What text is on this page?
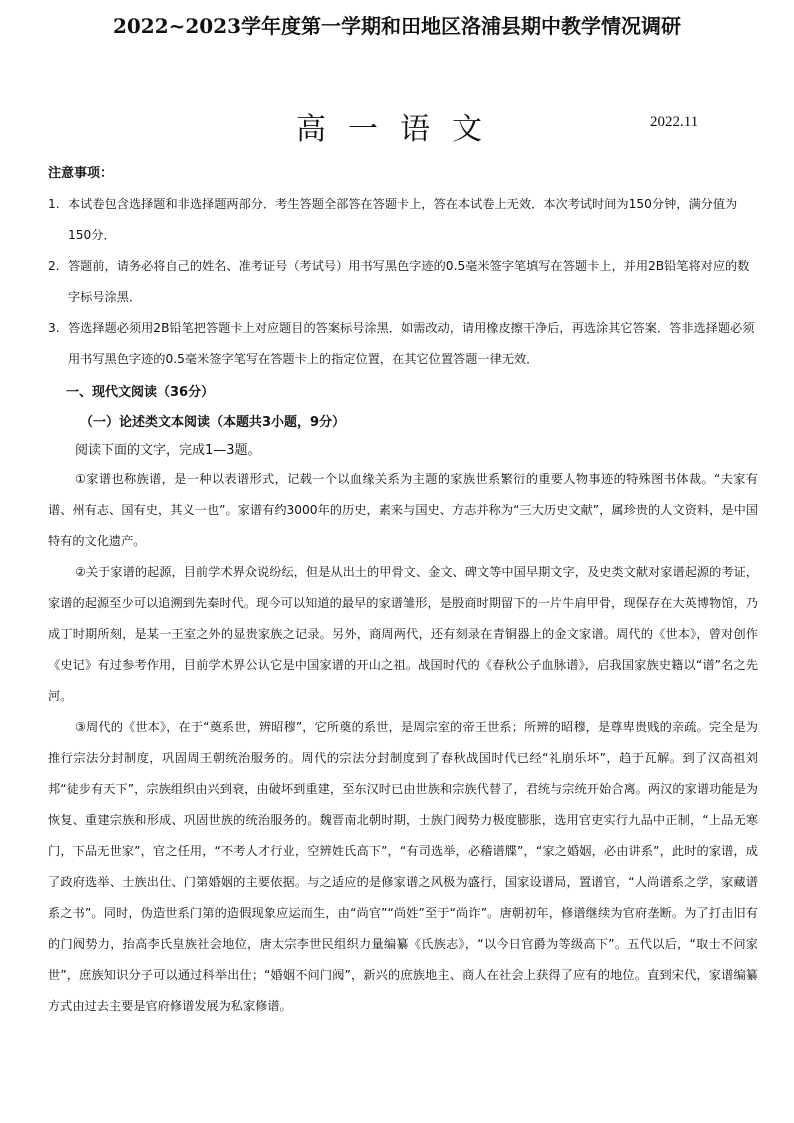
2022~2023学年度第一学期和田地区洛浦县期中教学情况调研
高一语文	2022.11
注意事项：
1. 本试卷包含选择题和非选择题两部分．考生答题全部答在答题卡上，答在本试卷上无效．本次考试时间为150分钟，满分值为150分．
2. 答题前，请务必将自己的姓名、准考证号（考试号）用书写黑色字迹的0.5毫米签字笔填写在答题卡上，并用2B铅笔将对应的数字标号涂黑．
3. 答选择题必须用2B铅笔把答题卡上对应题目的答案标号涂黑．如需改动，请用橡皮擦干净后，再选涂其它答案．答非选择题必须用书写黑色字迹的0.5毫米签字笔写在答题卡上的指定位置，在其它位置答题一律无效．
一、现代文阅读（36分）
（一）论述类文本阅读（本题共3小题，9分）
阅读下面的文字，完成1—3题。

①家谱也称族谱，是一种以表谱形式，记载一个以血缘关系为主题的家族世系繁衍的重要人物事迹的特殊图书体裁。“夫家有谱、州有志、国有史，其义一也”。家谱有约3000年的历史，素来与国史、方志并称为“三大历史文献”，属珍贵的人文资料，是中国特有的文化遗产。

②关于家谱的起源，目前学术界众说纷纭，但是从出土的甲骨文、金文、碑文等中国早期文字，及史类文献对家谱起源的考证，家谱的起源至少可以追溯到先秦时代。现今可以知道的最早的家谱雏形，是殷商时期留下的一片牛肩甲骨，现保存在大英博物馆，乃成丁时期所刻，是某一王室之外的显贵家族之记录。另外，商周两代，还有刻录在青铜器上的金文家谱。周代的《世本》，曾对创作《史记》有过参考作用，目前学术界公认它是中国家谱的开山之祖。战国时代的《春秋公子血脉谱》，启我国家族史籍以“谱”名之先河。

③周代的《世本》，在于“奠系世，辨昭穆”，它所奠的系世，是周宗室的帝王世系；所辨的昭穆，是尊卑贵贱的亲疏。完全是为推行宗法分封制度，巩固周王朝统治服务的。周代的宗法分封制度到了春秋战国时代已经“礼崩乐坏”，趋于瓦解。到了汉高祖刘邦“徒步有天下”，宗族组织由兴到衰，由破坏到重建，至东汉时已由世族和宗族代替了，君统与宗统开始合离。两汉的家谱功能是为恢复、重建宗族和形成、巩固世族的统治服务的。魏晋南北朝时期，士族门阀势力极度膨胀，选用官吏实行九品中正制，“上品无寒门，下品无世家”，官之任用，“不考人才行业，空辨姓氏高下”，“有司选举，必稽谱牒”，“家之婚姻，必由讲系”，此时的家谱，成了政府选举、士族出仕、门第婚姻的主要依据。与之适应的是修家谱之风极为盛行，国家设谱局，置谱官，“人尚谱系之学，家藏谱系之书”。同时，伪造世系门第的造假现象应运而生，由“尚官”“尚姓”至于“尚诈”。唐朝初年，修谱继续为官府垄断。为了打击旧有的门阀势力，抬高李氏皇族社会地位，唐太宗李世民组织力量编纂《氏族志》，“以今日官爵为等级高下”。五代以后，“取士不问家世”，庶族知识分子可以通过科举出仕；“婚姻不问门阀”，新兴的庶族地主、商人在社会上获得了应有的地位。直到宋代，家谱编纂方式由过去主要是官府修谱发展为私家修谱。
